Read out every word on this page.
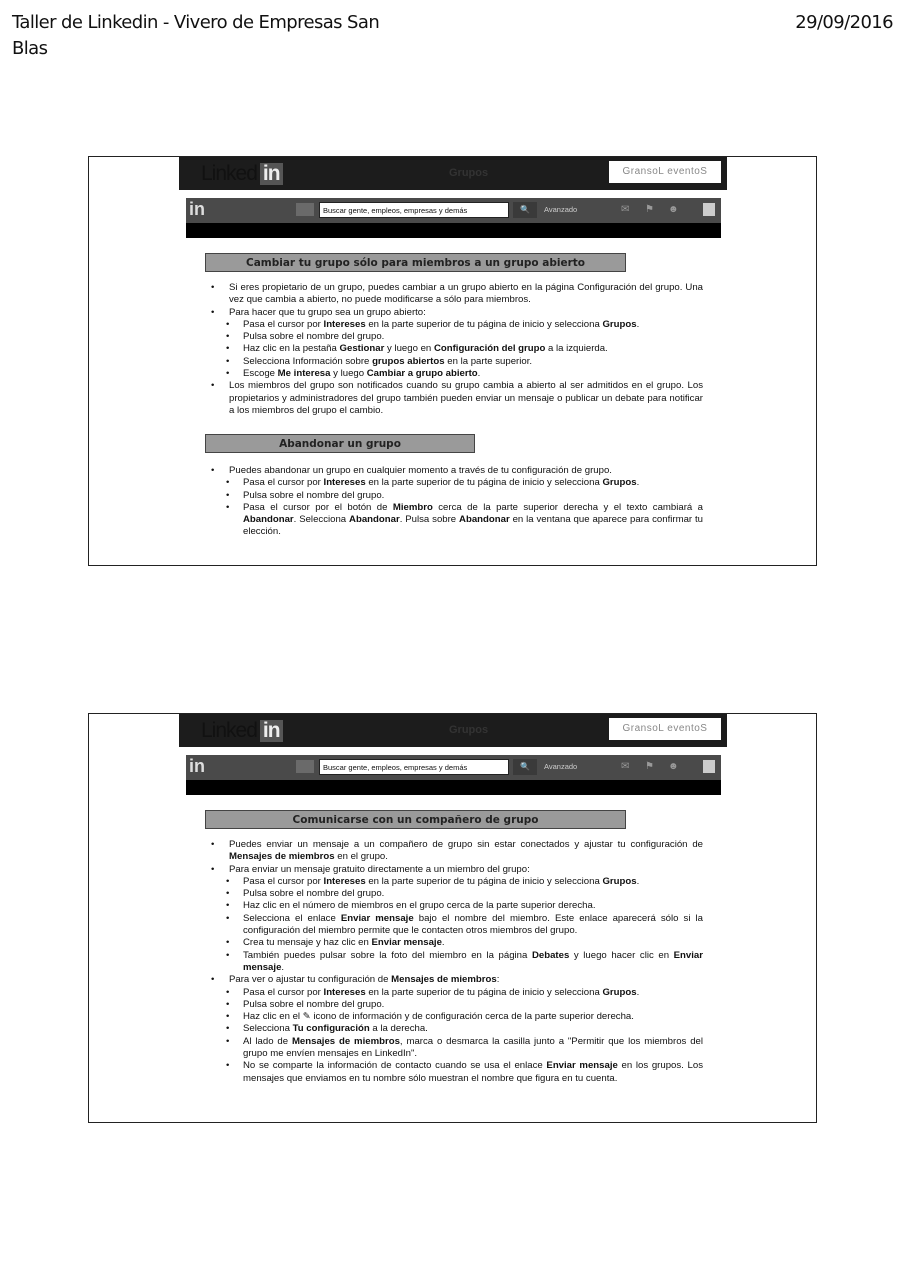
Taller de Linkedin - Vivero de Empresas San Blas
29/09/2016
Linked in	Grupos	GransoL eventoS
in	Buscar gente, empleos, empresas y demás	🔍	Avanzado	✉ ⚑ ☻
Cambiar tu grupo sólo para miembros a un grupo abierto
• Si eres propietario de un grupo, puedes cambiar a un grupo abierto en la página Configuración del grupo. Una vez que cambia a abierto, no puede modificarse a sólo para miembros.
• Para hacer que tu grupo sea un grupo abierto:
• Pasa el cursor por Intereses en la parte superior de tu página de inicio y selecciona Grupos.
• Pulsa sobre el nombre del grupo.
• Haz clic en la pestaña Gestionar y luego en Configuración del grupo a la izquierda.
• Selecciona Información sobre grupos abiertos en la parte superior.
• Escoge Me interesa y luego Cambiar a grupo abierto.
• Los miembros del grupo son notificados cuando su grupo cambia a abierto al ser admitidos en el grupo. Los propietarios y administradores del grupo también pueden enviar un mensaje o publicar un debate para notificar a los miembros del grupo el cambio.
Abandonar un grupo
• Puedes abandonar un grupo en cualquier momento a través de tu configuración de grupo.
• Pasa el cursor por Intereses en la parte superior de tu página de inicio y selecciona Grupos.
• Pulsa sobre el nombre del grupo.
• Pasa el cursor por el botón de Miembro cerca de la parte superior derecha y el texto cambiará a Abandonar. Selecciona Abandonar. Pulsa sobre Abandonar en la ventana que aparece para confirmar tu elección.
Linked in	Grupos	GransoL eventoS
in	Buscar gente, empleos, empresas y demás	🔍	Avanzado	✉ ⚑ ☻
Comunicarse con un compañero de grupo
• Puedes enviar un mensaje a un compañero de grupo sin estar conectados y ajustar tu configuración de Mensajes de miembros en el grupo.
• Para enviar un mensaje gratuito directamente a un miembro del grupo:
• Pasa el cursor por Intereses en la parte superior de tu página de inicio y selecciona Grupos.
• Pulsa sobre el nombre del grupo.
• Haz clic en el número de miembros en el grupo cerca de la parte superior derecha.
• Selecciona el enlace Enviar mensaje bajo el nombre del miembro. Este enlace aparecerá sólo si la configuración del miembro permite que le contacten otros miembros del grupo.
• Crea tu mensaje y haz clic en Enviar mensaje.
• También puedes pulsar sobre la foto del miembro en la página Debates y luego hacer clic en Enviar mensaje.
• Para ver o ajustar tu configuración de Mensajes de miembros:
• Pasa el cursor por Intereses en la parte superior de tu página de inicio y selecciona Grupos.
• Pulsa sobre el nombre del grupo.
• Haz clic en el ✎ icono de información y de configuración cerca de la parte superior derecha.
• Selecciona Tu configuración a la derecha.
• Al lado de Mensajes de miembros, marca o desmarca la casilla junto a "Permitir que los miembros del grupo me envíen mensajes en LinkedIn".
• No se comparte la información de contacto cuando se usa el enlace Enviar mensaje en los grupos. Los mensajes que enviamos en tu nombre sólo muestran el nombre que figura en tu cuenta.
